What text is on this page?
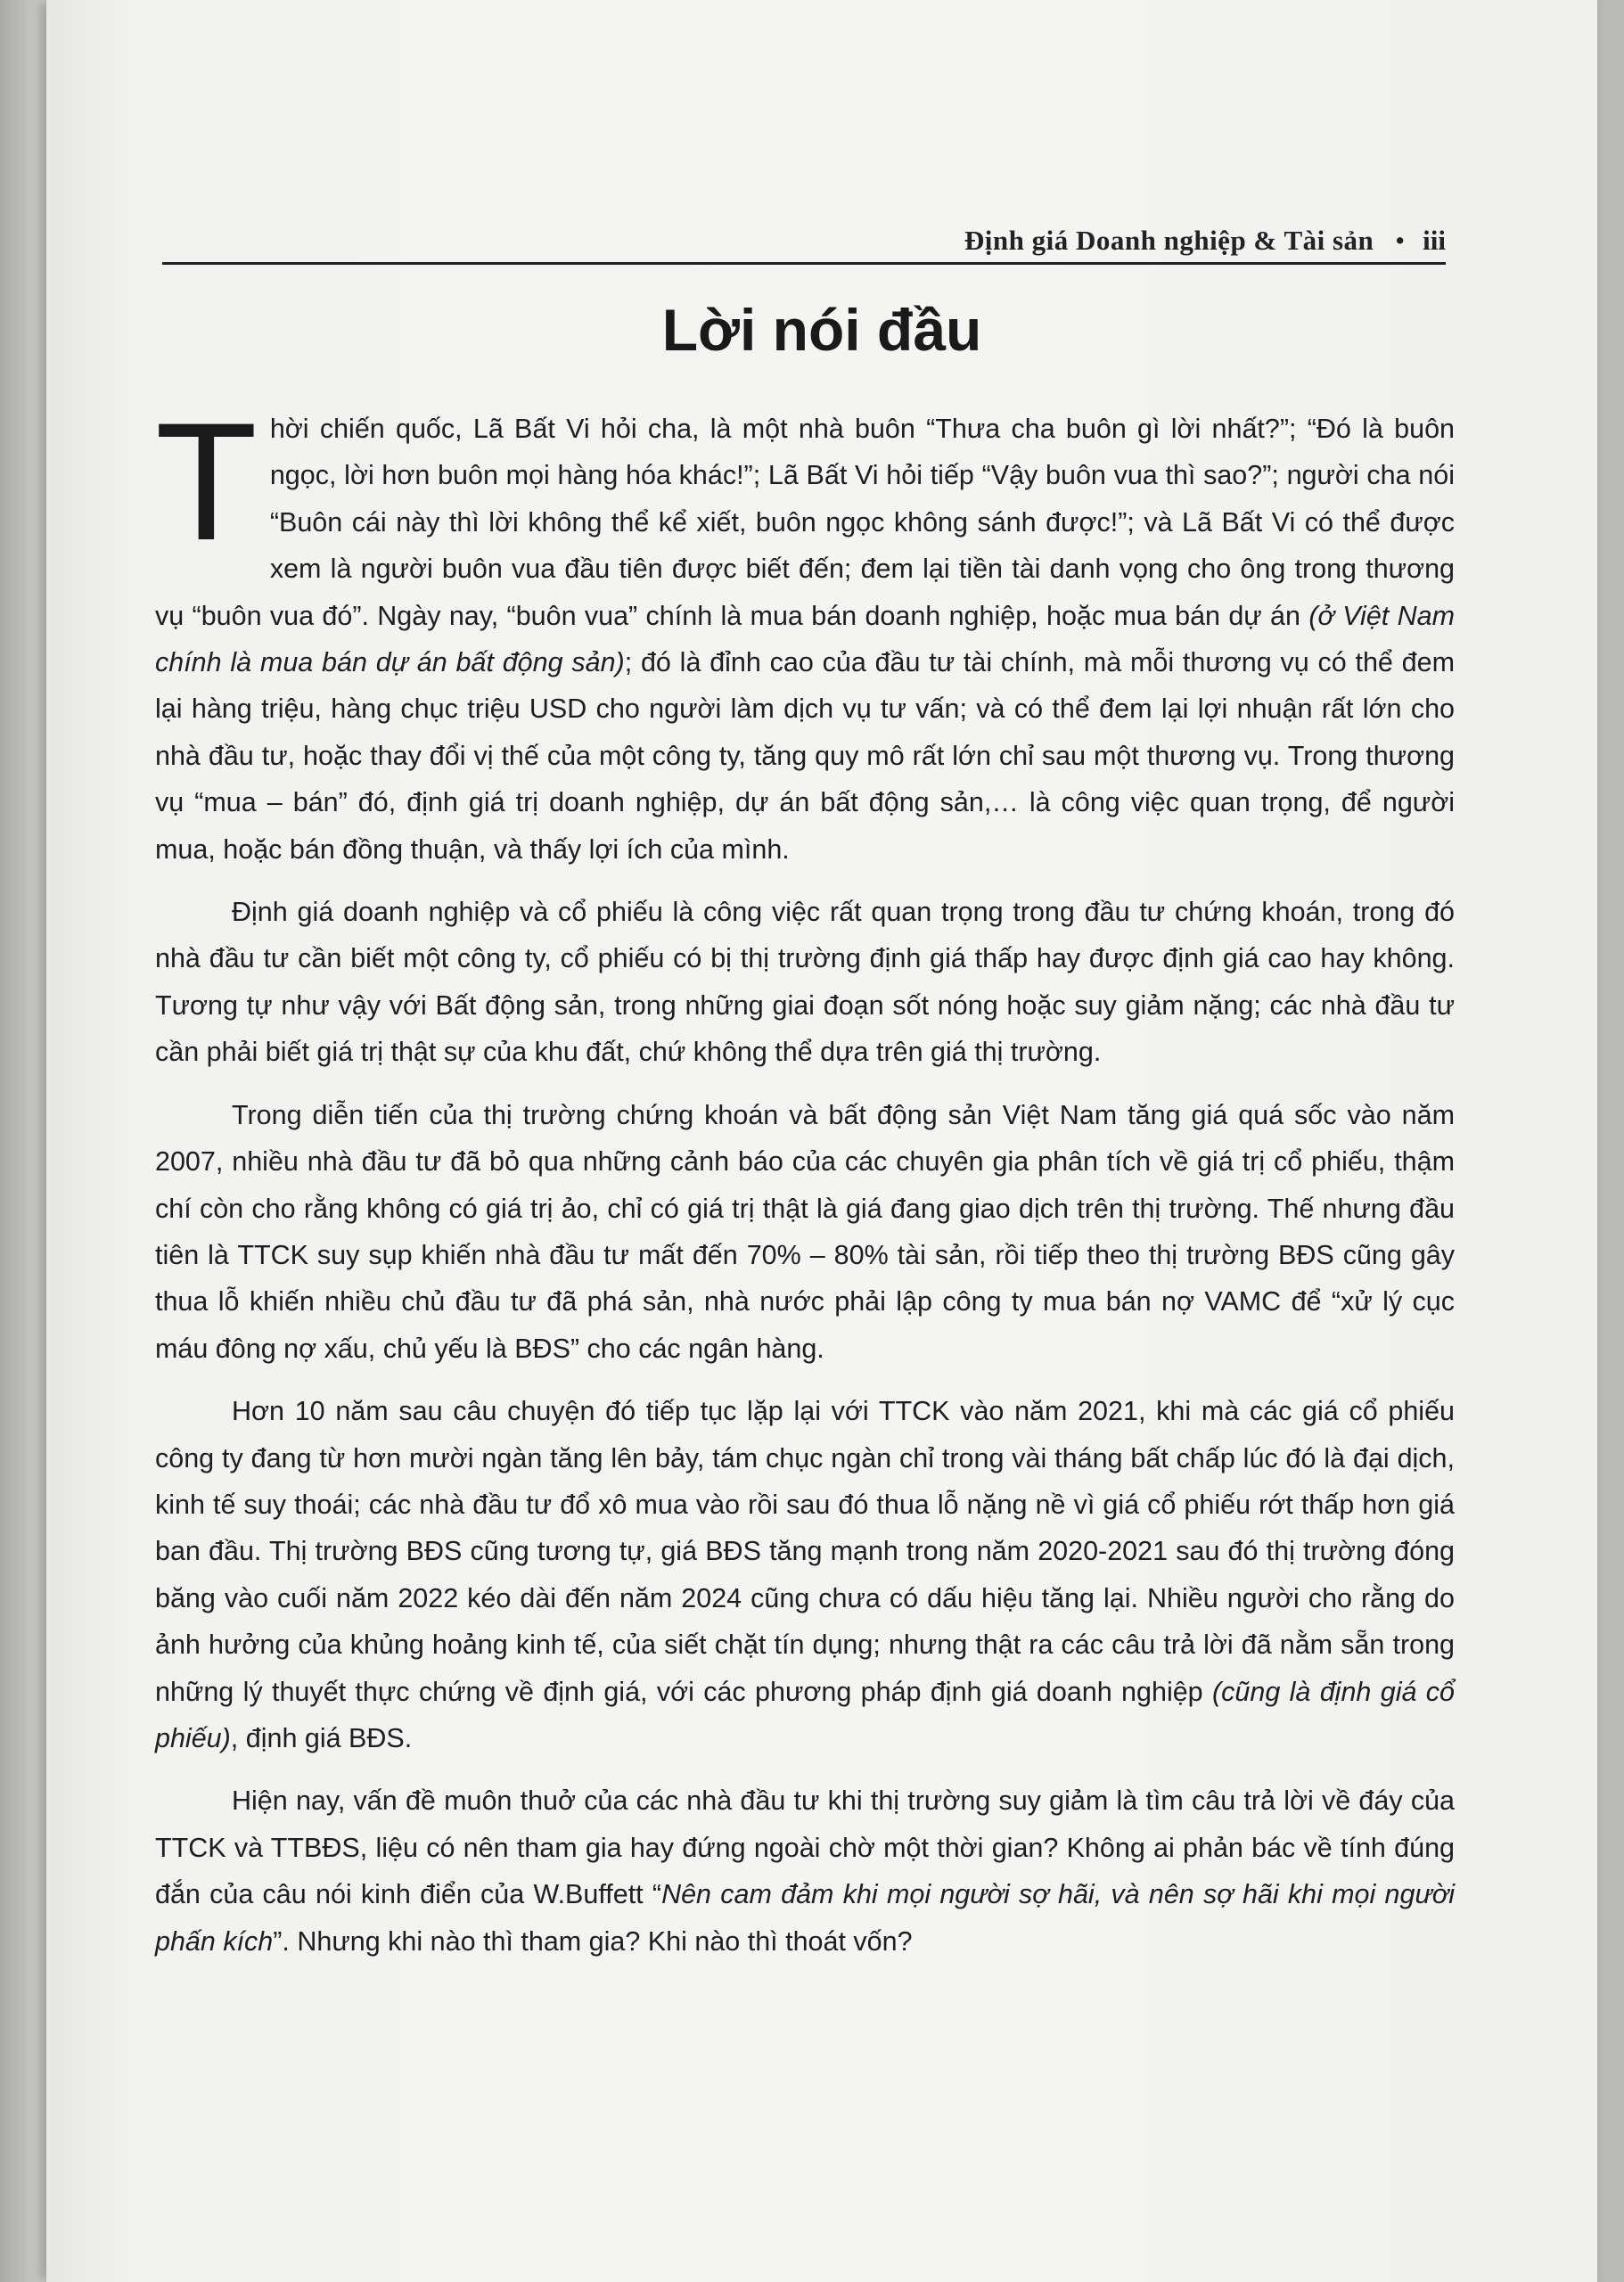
Định giá Doanh nghiệp & Tài sản • iii
Lời nói đầu

Thời chiến quốc, Lã Bất Vi hỏi cha, là một nhà buôn “Thưa cha buôn gì lời nhất?”; “Đó là buôn ngọc, lời hơn buôn mọi hàng hóa khác!”; Lã Bất Vi hỏi tiếp “Vậy buôn vua thì sao?”; người cha nói “Buôn cái này thì lời không thể kể xiết, buôn ngọc không sánh được!”; và Lã Bất Vi có thể được xem là người buôn vua đầu tiên được biết đến; đem lại tiền tài danh vọng cho ông trong thương vụ “buôn vua đó”. Ngày nay, “buôn vua” chính là mua bán doanh nghiệp, hoặc mua bán dự án (ở Việt Nam chính là mua bán dự án bất động sản); đó là đỉnh cao của đầu tư tài chính, mà mỗi thương vụ có thể đem lại hàng triệu, hàng chục triệu USD cho người làm dịch vụ tư vấn; và có thể đem lại lợi nhuận rất lớn cho nhà đầu tư, hoặc thay đổi vị thế của một công ty, tăng quy mô rất lớn chỉ sau một thương vụ. Trong thương vụ “mua – bán” đó, định giá trị doanh nghiệp, dự án bất động sản,… là công việc quan trọng, để người mua, hoặc bán đồng thuận, và thấy lợi ích của mình.

Định giá doanh nghiệp và cổ phiếu là công việc rất quan trọng trong đầu tư chứng khoán, trong đó nhà đầu tư cần biết một công ty, cổ phiếu có bị thị trường định giá thấp hay được định giá cao hay không. Tương tự như vậy với Bất động sản, trong những giai đoạn sốt nóng hoặc suy giảm nặng; các nhà đầu tư cần phải biết giá trị thật sự của khu đất, chứ không thể dựa trên giá thị trường.

Trong diễn tiến của thị trường chứng khoán và bất động sản Việt Nam tăng giá quá sốc vào năm 2007, nhiều nhà đầu tư đã bỏ qua những cảnh báo của các chuyên gia phân tích về giá trị cổ phiếu, thậm chí còn cho rằng không có giá trị ảo, chỉ có giá trị thật là giá đang giao dịch trên thị trường. Thế nhưng đầu tiên là TTCK suy sụp khiến nhà đầu tư mất đến 70% – 80% tài sản, rồi tiếp theo thị trường BĐS cũng gây thua lỗ khiến nhiều chủ đầu tư đã phá sản, nhà nước phải lập công ty mua bán nợ VAMC để “xử lý cục máu đông nợ xấu, chủ yếu là BĐS” cho các ngân hàng.

Hơn 10 năm sau câu chuyện đó tiếp tục lặp lại với TTCK vào năm 2021, khi mà các giá cổ phiếu công ty đang từ hơn mười ngàn tăng lên bảy, tám chục ngàn chỉ trong vài tháng bất chấp lúc đó là đại dịch, kinh tế suy thoái; các nhà đầu tư đổ xô mua vào rồi sau đó thua lỗ nặng nề vì giá cổ phiếu rớt thấp hơn giá ban đầu. Thị trường BĐS cũng tương tự, giá BĐS tăng mạnh trong năm 2020-2021 sau đó thị trường đóng băng vào cuối năm 2022 kéo dài đến năm 2024 cũng chưa có dấu hiệu tăng lại. Nhiều người cho rằng do ảnh hưởng của khủng hoảng kinh tế, của siết chặt tín dụng; nhưng thật ra các câu trả lời đã nằm sẵn trong những lý thuyết thực chứng về định giá, với các phương pháp định giá doanh nghiệp (cũng là định giá cổ phiếu), định giá BĐS.

Hiện nay, vấn đề muôn thuở của các nhà đầu tư khi thị trường suy giảm là tìm câu trả lời về đáy của TTCK và TTBĐS, liệu có nên tham gia hay đứng ngoài chờ một thời gian? Không ai phản bác về tính đúng đắn của câu nói kinh điển của W.Buffett “Nên cam đảm khi mọi người sợ hãi, và nên sợ hãi khi mọi người phấn kích”. Nhưng khi nào thì tham gia? Khi nào thì thoát vốn?
